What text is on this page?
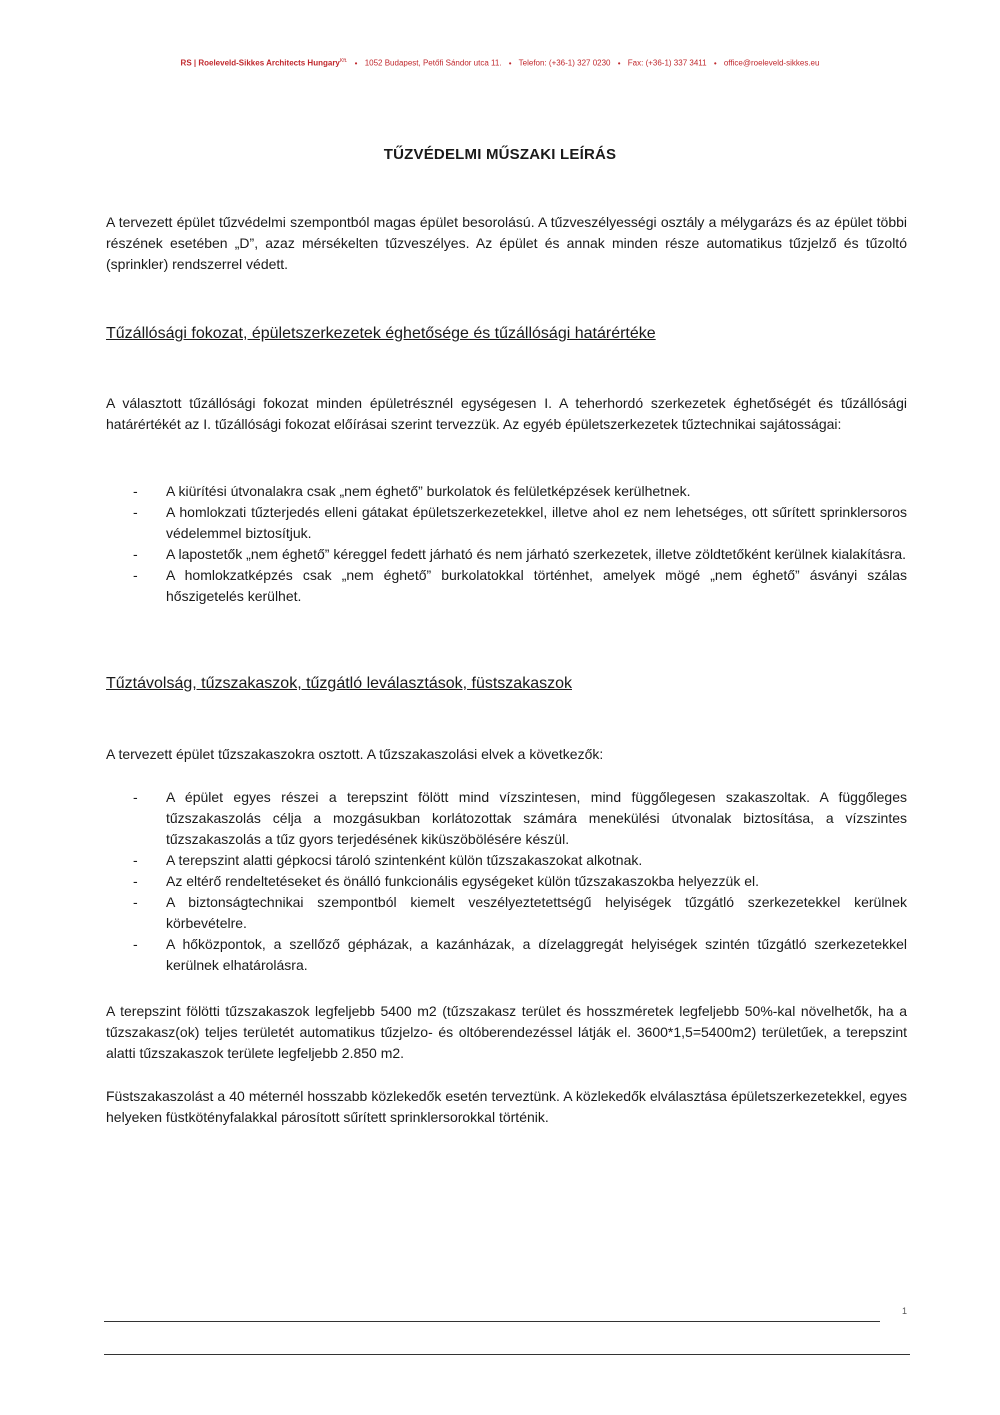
RS | Roeleveld-Sikkes Architects Hungary$^{Kft.}$ • 1052 Budapest, Petőfi Sándor utca 11. • Telefon: (+36-1) 327 0230 • Fax: (+36-1) 337 3411 • office@roeleveld-sikkes.eu
TŰZVÉDELMI MŰSZAKI LEÍRÁS

A tervezett épület tűzvédelmi szempontból magas épület besorolású. A tűzveszélyességi osztály a mélygarázs és az épület többi részének esetében „D”, azaz mérsékelten tűzveszélyes. Az épület és annak minden része automatikus tűzjelző és tűzoltó (sprinkler) rendszerrel védett.

Tűzállósági fokozat, épületszerkezetek éghetősége és tűzállósági határértéke

A választott tűzállósági fokozat minden épületrésznél egységesen I. A teherhordó szerkezetek éghetőségét és tűzállósági határértékét az I. tűzállósági fokozat előírásai szerint tervezzük. Az egyéb épületszerkezetek tűztechnikai sajátosságai:

- A kiürítési útvonalakra csak „nem éghető” burkolatok és felületképzések kerülhetnek.
- A homlokzati tűzterjedés elleni gátakat épületszerkezetekkel, illetve ahol ez nem lehetséges, ott sűrített sprinklersoros védelemmel biztosítjuk.
- A lapostetők „nem éghető” kéreggel fedett járható és nem járható szerkezetek, illetve zöldtetőként kerülnek kialakításra.
- A homlokzatképzés csak „nem éghető” burkolatokkal történhet, amelyek mögé „nem éghető” ásványi szálas hőszigetelés kerülhet.
Tűztávolság, tűzszakaszok, tűzgátló leválasztások, füstszakaszok

A tervezett épület tűzszakaszokra osztott. A tűzszakaszolási elvek a következők:

- A épület egyes részei a terepszint fölött mind vízszintesen, mind függőlegesen szakaszoltak. A függőleges tűzszakaszolás célja a mozgásukban korlátozottak számára menekülési útvonalak biztosítása, a vízszintes tűzszakaszolás a tűz gyors terjedésének kiküszöbölésére készül.
- A terepszint alatti gépkocsi tároló szintenként külön tűzszakaszokat alkotnak.
- Az eltérő rendeltetéseket és önálló funkcionális egységeket külön tűzszakaszokba helyezzük el.
- A biztonságtechnikai szempontból kiemelt veszélyeztetettségű helyiségek tűzgátló szerkezetekkel kerülnek körbevételre.
- A hőközpontok, a szellőző gépházak, a kazánházak, a dízelaggregát helyiségek szintén tűzgátló szerkezetekkel kerülnek elhatárolásra.

A terepszint fölötti tűzszakaszok legfeljebb 5400 m2 (tűzszakasz terület és hosszméretek legfeljebb 50%-kal növelhetők, ha a tűzszakasz(ok) teljes területét automatikus tűzjelzo- és oltóberendezéssel látják el. 3600*1,5=5400m2) területűek, a terepszint alatti tűzszakaszok területe legfeljebb 2.850 m2.

Füstszakaszolást a 40 méternél hosszabb közlekedők esetén terveztünk. A közlekedők elválasztása épületszerkezetekkel, egyes helyeken füstkötényfalakkal párosított sűrített sprinklersorokkal történik.

1
